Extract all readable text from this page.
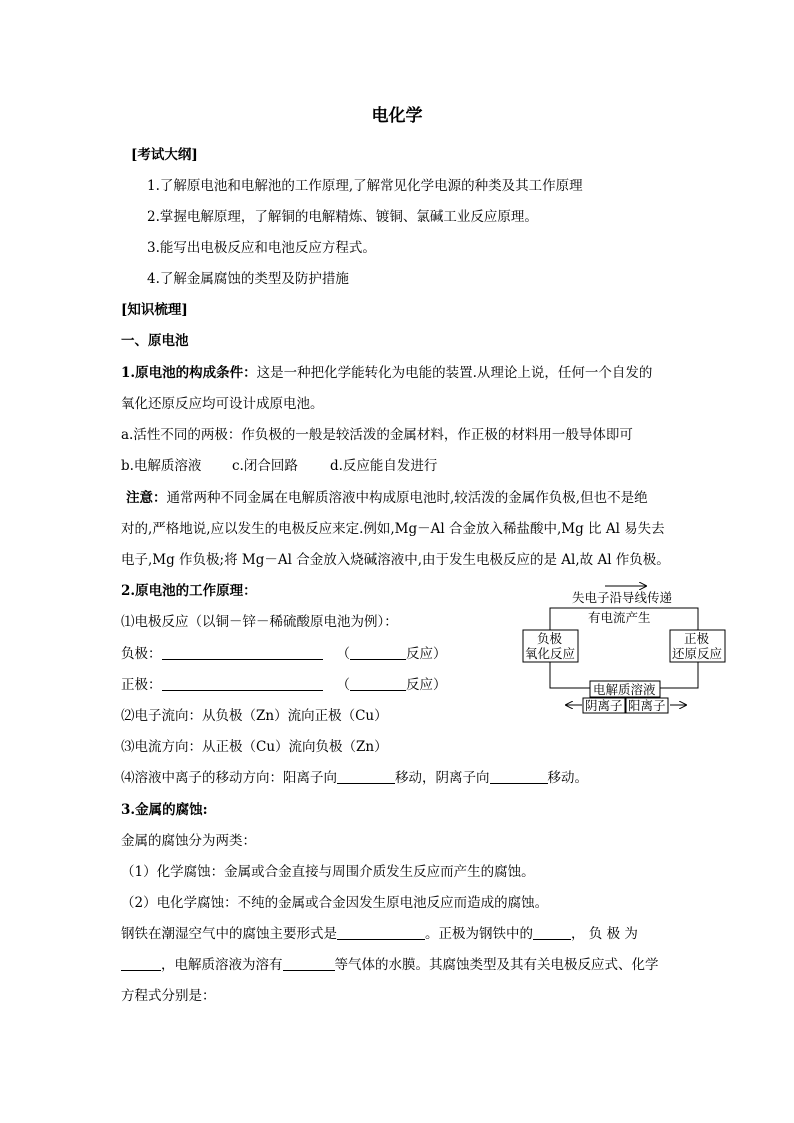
电化学
[考试大纲]
1.了解原电池和电解池的工作原理,了解常见化学电源的种类及其工作原理
2.掌握电解原理，了解铜的电解精炼、镀铜、氯碱工业反应原理。
3.能写出电极反应和电池反应方程式。
4.了解金属腐蚀的类型及防护措施
[知识梳理]
一、原电池
1.原电池的构成条件：这是一种把化学能转化为电能的装置.从理论上说，任何一个自发的
氧化还原反应均可设计成原电池。
a.活性不同的两极：作负极的一般是较活泼的金属材料，作正极的材料用一般导体即可
b.电解质溶液 c.闭合回路 d.反应能自发进行
注意：通常两种不同金属在电解质溶液中构成原电池时,较活泼的金属作负极,但也不是绝
对的,严格地说,应以发生的电极反应来定.例如,Mg－Al 合金放入稀盐酸中,Mg 比 Al 易失去
电子,Mg 作负极;将 Mg－Al 合金放入烧碱溶液中,由于发生电极反应的是 Al,故 Al 作负极。
2.原电池的工作原理：
⑴电极反应（以铜－锌－稀硫酸原电池为例）：
负极：	（	反应）
正极：	（	反应）
⑵电子流向：从负极（Zn）流向正极（Cu）
⑶电流方向：从正极（Cu）流向负极（Zn）
⑷溶液中离子的移动方向：阳离子向	移动，阴离子向	移动。
3.金属的腐蚀:
金属的腐蚀分为两类：
（1）化学腐蚀：金属或合金直接与周围介质发生反应而产生的腐蚀。
（2）电化学腐蚀：不纯的金属或合金因发生原电池反应而造成的腐蚀。
钢铁在潮湿空气中的腐蚀主要形式是	。正极为钢铁中的	， 负 极 为
，电解质溶液为溶有	等气体的水膜。其腐蚀类型及其有关电极反应式、化学
方程式分别是：
失电子沿导线传递
有电流产生
负极
氧化反应
正极
还原反应
电解质溶液
阴离子 阳离子
